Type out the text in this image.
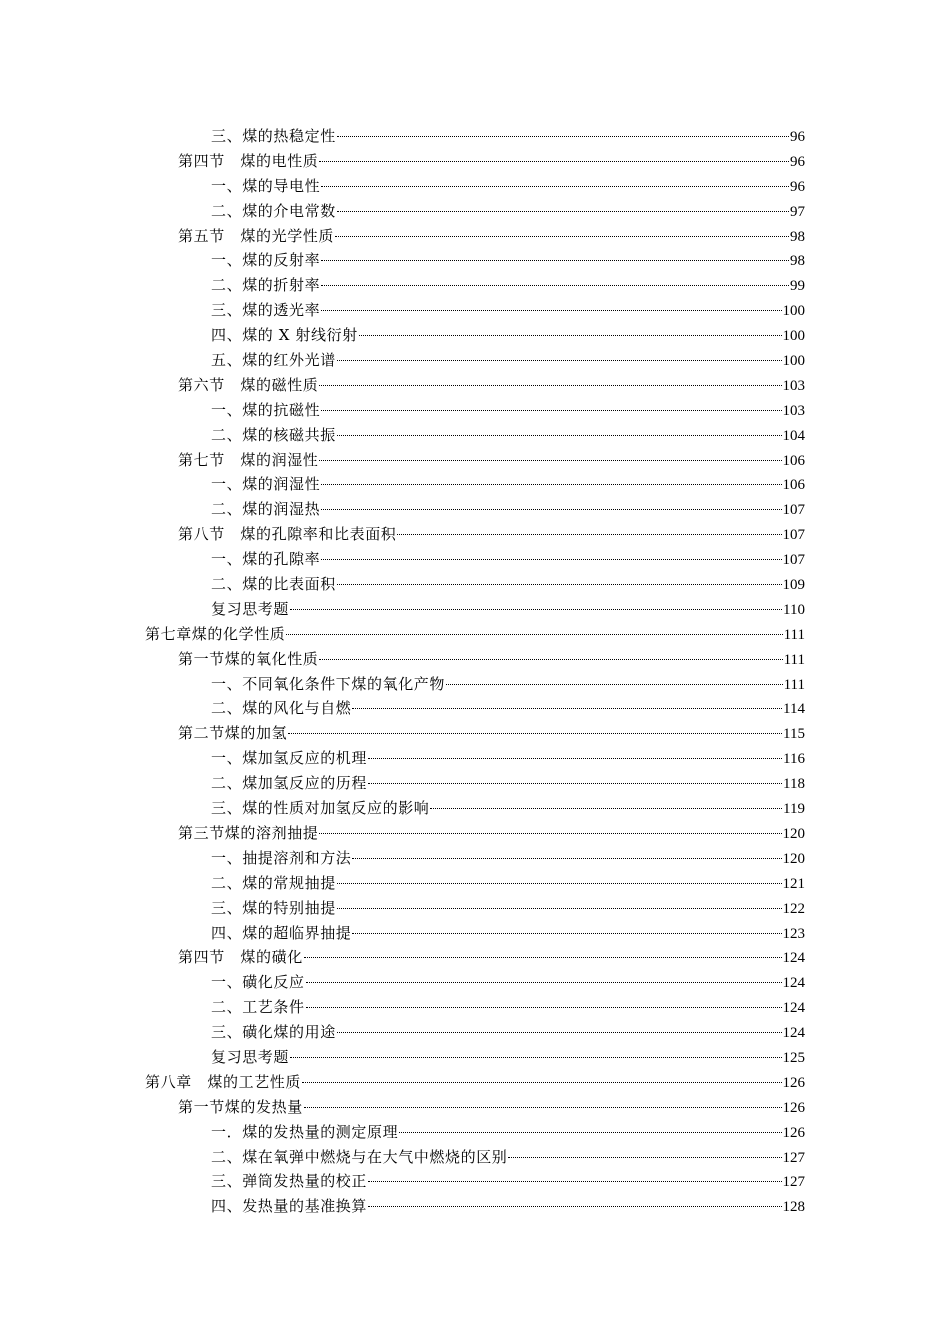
三、煤的热稳定性	96
第四节　煤的电性质	96
一、煤的导电性	96
二、煤的介电常数	97
第五节　煤的光学性质	98
一、煤的反射率	98
二、煤的折射率	99
三、煤的透光率	100
四、煤的 X 射线衍射	100
五、煤的红外光谱	100
第六节　煤的磁性质	103
一、煤的抗磁性	103
二、煤的核磁共振	104
第七节　煤的润湿性	106
一、煤的润湿性	106
二、煤的润湿热	107
第八节　煤的孔隙率和比表面积	107
一、煤的孔隙率	107
二、煤的比表面积	109
复习思考题	110
第七章煤的化学性质	111
第一节煤的氧化性质	111
一、不同氧化条件下煤的氧化产物	111
二、煤的风化与自燃	114
第二节煤的加氢	115
一、煤加氢反应的机理	116
二、煤加氢反应的历程	118
三、煤的性质对加氢反应的影响	119
第三节煤的溶剂抽提	120
一、抽提溶剂和方法	120
二、煤的常规抽提	121
三、煤的特别抽提	122
四、煤的超临界抽提	123
第四节　煤的磺化	124
一、磺化反应	124
二、工艺条件	124
三、磺化煤的用途	124
复习思考题	125
第八章　煤的工艺性质	126
第一节煤的发热量	126
一．煤的发热量的测定原理	126
二、煤在氧弹中燃烧与在大气中燃烧的区别	127
三、弹筒发热量的校正	127
四、发热量的基准换算	128
